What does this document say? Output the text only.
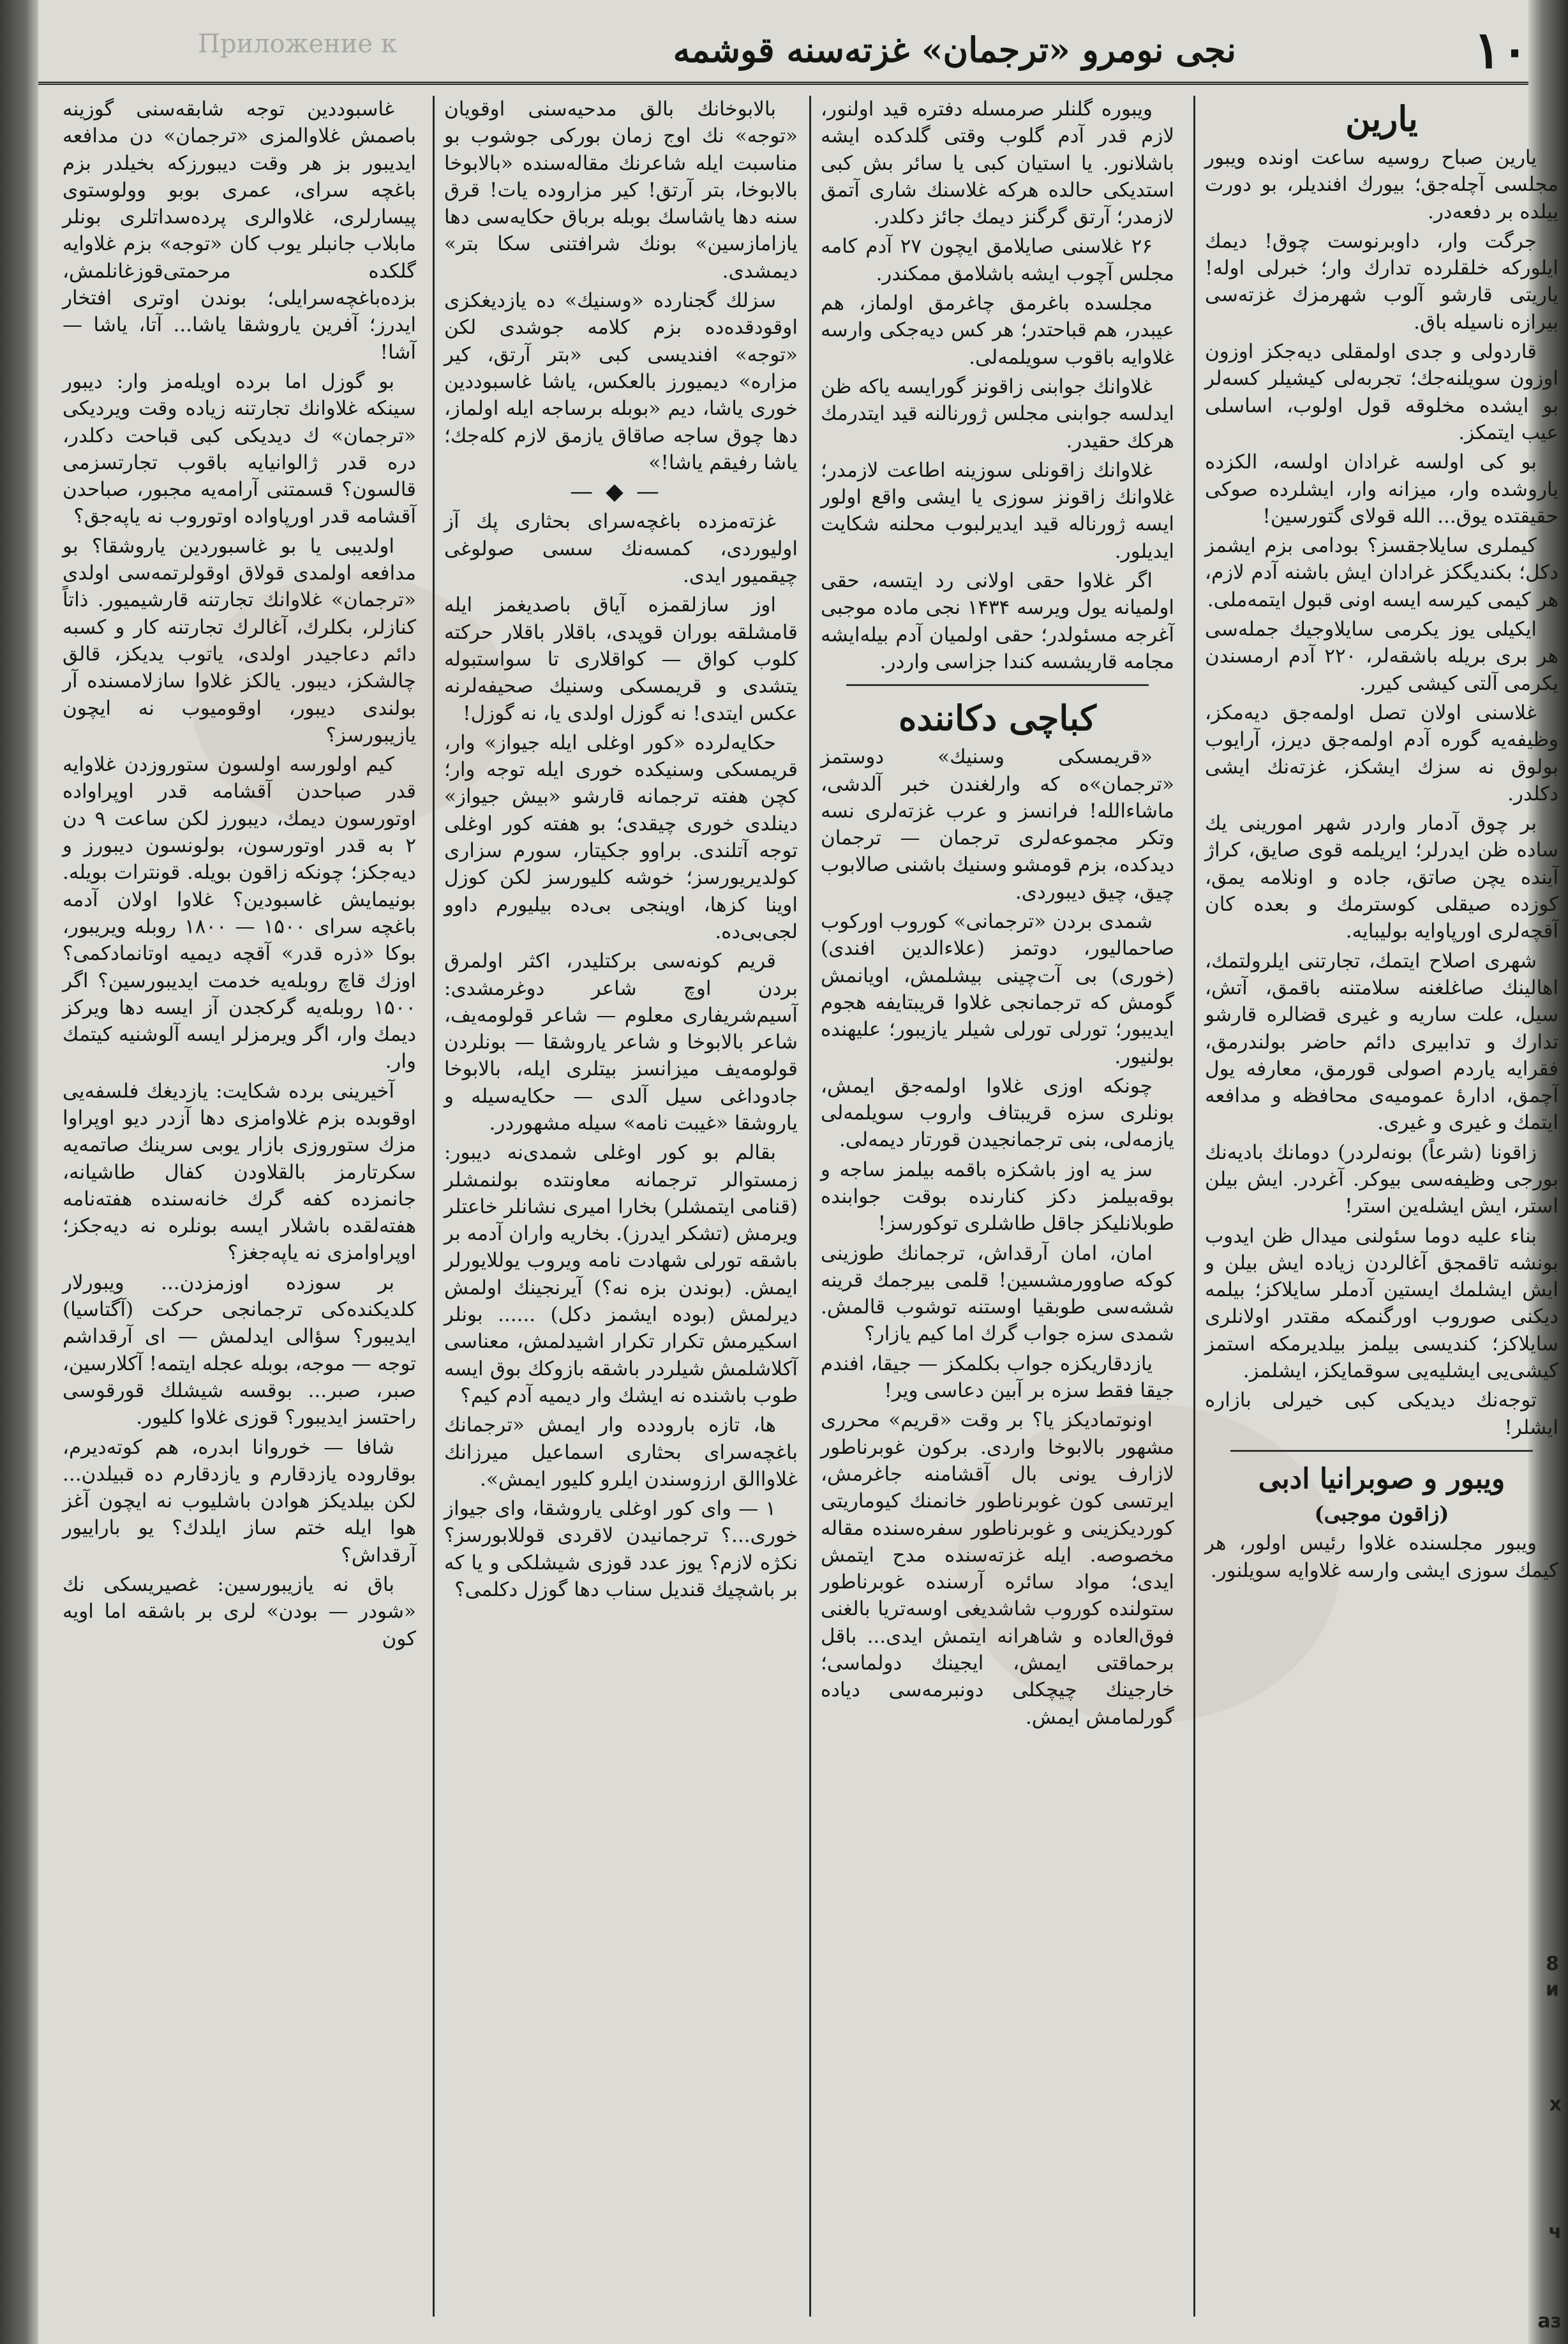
8
и
х
ч
аз
۱۰
نجی نومرو «ترجمان» غزته‌سنه قوشمه
Приложение к

یارین

یارین صباح روسیه ساعت اونده ویبور مجلسی آچله‌جق؛ بیورك افندیلر، بو دورت ییلده بر دفعه‌در.

جرگت وار، داوبرنوست چوق! دیمك ایلوركه خلقلرده تدارك وار؛ خبرلی اوله! یاریتی قارشو آلوب شهرمزك غزته‌سی بیرازه ناسیله باق.

قاردولی و جدی اولمقلی دیه‌جکز اوزون اوزون سویلنه‌جك؛ تجربه‌لی کیشیلر کسه‌لر بو ایشده مخلوقه قول اولوب، اساسلی عیب ایتمکز.

بو کی اولسه غرادان اولسه، الکزده یاروشده وار، میزانه وار، ایشلرده صوکی حقیقتده یوق... الله قولای گتورسین!

کیملری سایلاجقسز؟ بودامی بزم ایشمز دکل؛ بکندیگکز غرادان ایش باشنه آدم لازم، هر کیمی کیرسه ایسه اونی قبول ایتمه‌ملی.

ایکیلی یوز یکرمی سایلاوجیك جمله‌سی هر بری بریله باشقه‌لر، ۲۲۰ آدم ارمسندن یکرمی آلتی کیشی کیرر.

غلاسنی اولان تصل اولمه‌جق دیه‌مکز، وظیفه‌یه گوره آدم اولمه‌جق دیرز، آرایوب بولوق نه سزك ایشکز، غزته‌نك ایشی دکلدر.

بر چوق آدمار واردر شهر امورینی یك ساده ظن ایدرلر؛ ایریلمه قوی صایق، کراژ آینده یچن صاتق، جاده و اونلامه یمق، کوزده صیقلی کوسترمك و بعده کان آقچه‌لری اورپاوایه بولیبایه.

شهری اصلاح ایتمك، تجارتنی ایلرولتمك، اهالینك صاغلغنه سلامتنه باقمق، آتش، سیل، علت ساریه و غیری قضالره قارشو تدارك و تدابیری دائم حاضر بولندرمق، فقرایه یاردم اصولی قورمق، معارفه یول آچمق، ادارهٔ عمومیه‌ی محافظه و مدافعه ایتمك و غیری و غیری.

زاقونا (شرعاً) بونه‌لردر) دومانك بادیه‌نك بورجی وظیفه‌سی بیوکر. آغردر. ایش بیلن استر، ایش ایشله‌ین استر!

بناء علیه دوما سئولنی میدال ظن ایدوب بونشه تاقمجق آغالردن زیاده ایش بیلن و ایش ایشلمك ایستین آدملر سایلاکز؛ بیلمه دیکنی صوروب اورگنمکه مقتدر اولانلری سایلاکز؛ کندیسی بیلمز بیلدیرمکه استمز کیشی‌یی ایشلیه‌یی سوقمایکز، ایشلمز.

توجه‌نك دیدیکی کبی خیرلی بازاره ایشلر!

ویبور و صوبرانیا ادبی

(زاقون موجبی)

ویبور مجلسنده غلاوا رئیس اولور، هر کیمك سوزی ایشی وارسه غلاوایه سویلنور.

ویبوره گلنلر صرمسله دفتره قید اولنور، لازم قدر آدم گلوب وقتی گلدکده ایشه باشلانور. یا استیان کبی یا سائر بش کبی استدیکی حالده هرکه غلاسنك شاری آتمق لازمدر؛ آرتق گرگنز دیمك جائز دکلدر.

۲۶ غلاسنی صایلامق ایچون ۲۷ آدم کامه مجلس آچوب ایشه باشلامق ممکندر.

مجلسده باغرمق چاغرمق اولماز، هم عیبدر، هم قباحتدر؛ هر کس دیه‌جکی وارسه غلاوایه باقوب سویلمه‌لی.

غلاوانك جوابنی زاقونز گورایسه یاکه ظن ایدلسه جوابنی مجلس ژورنالنه قید ایتدرمك هرکك حقیدر.

غلاوانك زاقونلی سوزینه اطاعت لازمدر؛ غلاوانك زاقونز سوزی یا ایشی واقع اولور ایسه ژورناله قید ایدیرلبوب محلنه شکایت ایدیلور.

اگر غلاوا حقی اولانی رد ایتسه، حقی اولمیانه یول ویرسه ۱۴۳۴ نجی ماده موجبی آغرجه مسئولدر؛ حقی اولمیان آدم بیله‌ایشه مجامه قاریشسه کندا جزاسی واردر.

کباچی دکاننده

«قریمسکی وسنیك» دوستمز «ترجمان»ه كه وارلغندن خبر آلدشی، ماشاءالله! فرانسز و عرب غزته‌لری نسه وتکر مجموعه‌لری ترجمان — ترجمان دیدکده، بزم قومشو وسنیك باشنی صالابوب چیق، چیق دیبوردی.

شمدی بردن «ترجمانی» کوروب اورکوب صاحمالیور، دوتمز (علاءالدین افندی) (خوری) بی آت‌چینی بیشلمش، اویانمش گومش که ترجمانجی غلاوا قریبتایفه هجوم ایدیبور؛ تورلی تورلی شیلر یازیبور؛ علیهنده بولنیور.

چونکه اوزی غلاوا اولمه‌جق ایمش، بونلری سزه قریبتاف واروب سویلمه‌لی یازمه‌لی، بنی ترجمانجیدن قورتار دیمه‌لی.

سز یه اوز باشکزه باقمه بیلمز ساجه و بوقه‌بیلمز دکز کنارنده بوقت جوابنده طوبلانلیکز جاقل طاشلری توکورسز!

امان، امان آرقداش، ترجمانك طوزینی کوکه صاوورمشسین! قلمی بیرجمك قرینه ششه‌سی طوبقیا اوستنه توشوب قالمش. شمدی سزه جواب گرك اما کیم یازار؟

یازدقاریکزه جواب بکلمکز — جیقا، افندم جیقا فقط سزه بر آبین دعاسی ویر!

اونوتمادیکز یا؟ بر وقت «قریم» محرری مشهور بالابوخا واردی. برکون غوبرناطور لازارف یونی بال آقشامنه جاغرمش، ایرتسی کون غوبرناطور خانمنك کیوماریتی کوردیکزینی و غوبرناطور سفره‌سنده مقاله مخصوصه. ایله غزته‌سنده مدح ایتمش ایدی؛ مواد سائره آرسنده غوبرناطور ستولنده کوروب شاشدیغی اوسه‌تریا بالغنی فوق‌العاده و شاهرانه ایتمش ایدی... باقل برحماقتی ایمش، ایجینك دولماسی؛ خارجینك چیچکلی دونبرمه‌سی دیاده گورلمامش ایمش.

بالابوخانك بالق مدحیه‌سنی اوقویان «توجه» نك اوج زمان بورکی جوشوب بو مناسبت ایله شاعرنك مقاله‌سنده «بالابوخا بالابوخا، بتر آرتق! کیر مزاروده یات! قرق سنه دها یاشاسك بوبله برباق حکایه‌سی دها یازامازسین» بونك شرافتنی سکا بتر» دیمشدی.

سزلك گجنارده «وسنیك» ده یازدیغکزی اوقودقده‌ده بزم کلامه جوشدی لکن «توجه» افندیسی کبی «بتر آرتق، کیر مزاره» دیمیورز بالعکس، یاشا غاسبوددین خوری یاشا، دیم «بوبله برساجه ایله اولماز، دها چوق ساجه صاقاق یازمق لازم کله‌جك؛ یاشا رفیقم یاشا!»

—◆—

غزته‌مزده باغچه‌سرای بحثاری پك آز اولیوردی، کمسه‌نك سسی صولوغی چیقمیور ایدی.

اوز سازلقمزه آیاق باصدیغمز ایله قامشلقه بوران قوپدی، باقلار باقلار حرکته کلوب کواق — کواقلاری تا سواستبوله یتشدی و قریمسکی وسنیك صحیفه‌لرنه عکس ایتدی! نه گوزل اولدی یا، نه گوزل!

حکایه‌لرده «کور اوغلی ایله جیواز» وار، قریمسکی وسنیکده خوری ایله توجه وار؛ کچن هفته ترجمانه قارشو «بیش جیواز» دینلدی خوری چیقدی؛ بو هفته کور اوغلی توجه آتلندی. براوو جکیتار، سورم سزاری کولدیریورسز؛ خوشه کلیورسز لکن کوزل اوینا کزها، اوینجی بی‌ده بیلیورم داوو لجی‌بی‌ده.

قریم کونه‌سی برکتلیدر، اکثر اولمرق بردن اوچ شاعر دوغرمشدی: آسیم‌شریفاری معلوم — شاعر قولومه‌یف، شاعر بالابوخا و شاعر یاروشقا — بونلردن قولومه‌یف میزانسز بیتلری ایله، بالابوخا جادوداغی سیل آلدی — حکایه‌سیله و یاروشقا «غیبت نامه» سیله مشهوردر.

بقالم بو کور اوغلی شمدی‌نه دیبور: زمستوالر ترجمانه معاونتده بولنمشلر (قنامی ایتمشلر) بخارا امیری نشانلر خاعتلر ویرمش (تشکر ایدرز). بخاریه واران آدمه بر باشقه تورلی شهادت نامه ویروب یوللایورلر ایمش. (بوندن بزه نه؟) آیرنجینك اولمش دیرلمش (بوده ایشمز دکل) ...... بونلر اسکیرمش تکرار تکرار اشیدلمش، معناسی آکلاشلمش شیلردر باشقه بازوکك بوق ایسه طوب باشنده نه ایشك وار دیمیه آدم کیم؟

ها، تازه بارودده وار ایمش «ترجمانك باغچه‌سرای بحثاری اسماعیل میرزانك غلاواالق ارزوسندن ایلرو کلیور ایمش».

۱ — وای کور اوغلی یاروشقا، وای جیواز خوری...؟ ترجمانیدن لاقردی قوللابورسز؟ نکژه لازم؟ یوز عدد قوزی شیشلکی و یا که بر باشچیك قنديل سناب دها گوزل دکلمی؟

غاسبوددین توجه شابقه‌سنی گوزینه باصمش غلاوالمزی «ترجمان» دن مدافعه ایدیبور بز هر وقت دیبورزکه بخیلدر بزم باغچه سرای، عمری بوبو وولوستوی پیسارلری، غلاوالری پرده‌سداتلری بونلر مابلاب جانبلر یوب کان «توجه» بزم غلاوایه گلکده مرحمتی‌قوزغانلمش، بزده‌باغچه‌سرایلی؛ بوندن اوتری افتخار ایدرز؛ آفرین یاروشقا یاشا... آتا، یاشا — آشا!

بو گوزل اما برده اویله‌مز وار: دیبور سینکه غلاوانك تجارتنه زیاده وقت ویردیکی «ترجمان» ك دیدیکی کبی قباحت دکلدر، دره قدر ژالوانیایه باقوب تجارتسزمی قالسون؟ قسمتنی آرامه‌یه مجبور، صباحدن آقشامه قدر اورپاواده اوتوروب نه یاپه‌جق؟

اولدیبی یا بو غاسبوردین یاروشقا؟ بو مدافعه اولمدی قولاق اوقولرتمه‌سی اولدی «ترجمان» غلاوانك تجارتنه قارشیمیور. ذاتاً کنازلر، بکلرك، آغالرك تجارتنه کار و کسبه دائم دعاجیدر اولدی، یاتوب یدیکز، قالق چالشکز، دیبور. یالکز غلاوا سازلامسنده آر بولندی دیبور، اوقومیوب نه ایچون یازیبورسز؟

کیم اولورسه اولسون ستوروزدن غلاوایه قدر صباحدن آقشامه قدر اوپراواده اوتورسون دیمك، دیبورز لکن ساعت ۹ دن ۲ به قدر اوتورسون، بولونسون دیبورز و دیه‌جکز؛ چونکه زاقون بویله. قونترات بویله. بونیمایش غاسبودین؟ غلاوا اولان آدمه باغچه سرای ۱۵۰۰ — ۱۸۰۰ روبله ویریبور، بوکا «ذره قدر» آقچه دیمیه اوتانمادکمی؟ اوزك قاچ روبله‌یه خدمت ایدیبورسین؟ اگر ۱۵۰۰ روبله‌یه گرکجدن آز ایسه دها ویرکز دیمك وار، اگر ویرمزلر ایسه آلوشنیه کیتمك وار.

آخیرینی برده شکایت: یازدیغك فلسفه‌یی اوقوبده بزم غلاوامزی دها آزدر دیو اوپراوا مزك ستوروزی بازار یوبی سرینك صاتمه‌یه سکرتارمز بالقلاودن کفال طاشیانه، جانمزده کفه گرك خانه‌سنده هفته‌نامه هفته‌لقده باشلار ایسه بونلره نه دیه‌جکز؛ اوپراوامزی نه یاپه‌جغز؟

بر سوزده اوزمزدن... ویبورلار کلدیکنده‌کی ترجمانجی حرکت (آگتاسیا) ایدیبور؟ سؤالی ایدلمش — ای آرقداشم توجه — موجه، بوبله عجله ایتمه! آکلارسین، صبر، صبر... بوقسه شیشلك قورقوسی راحتسز ایدیبور؟ قوزی غلاوا کلیور.

شافا — خوروانا ابدره، هم کوته‌دیرم، بوقاروده یازدقارم و یازدقارم ده قبیلدن... لکن بیلدیکز هوادن باشلیوب نه ایچون آغز هوا ایله ختم ساز ایلدك؟ یو باراییور آرقداش؟

باق نه یازیبورسین: غصیریسکی نك «شودر — بودن» لری بر باشقه اما اویه کون
